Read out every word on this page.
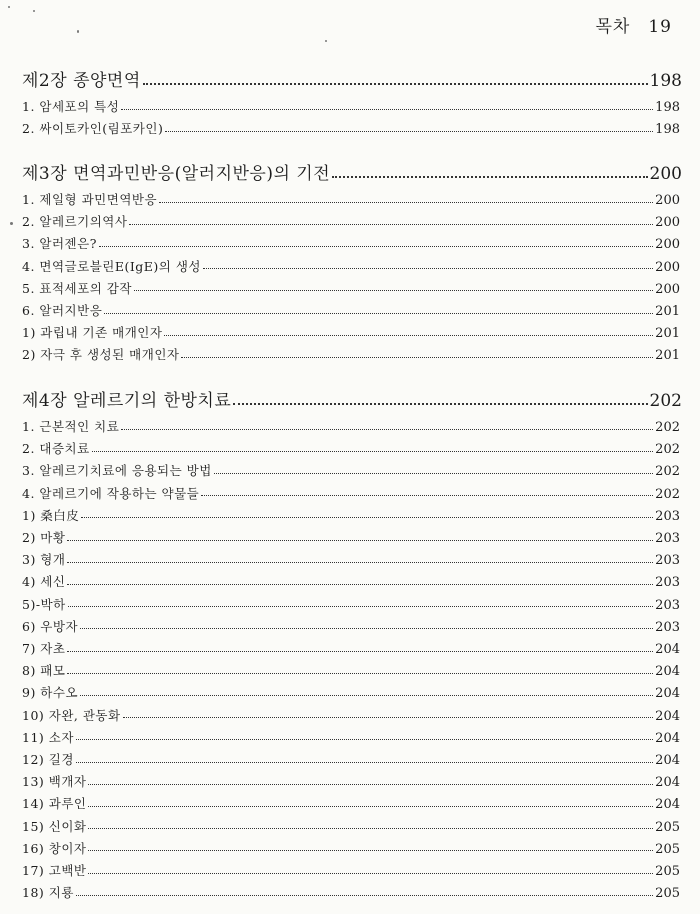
목차 19
제2장 종양면역	198
1. 암세포의 특성	198
2. 싸이토카인(림포카인)	198
제3장 면역과민반응(알러지반응)의 기전	200
1. 제일형 과민면역반응	200
2. 알레르기의역사	200
3. 알러젠은?	200
4. 면역글로블린E(IgE)의 생성	200
5. 표적세포의 감작	200
6. 알러지반응	201
1) 과립내 기존 매개인자	201
2) 자극 후 생성된 매개인자	201
제4장 알레르기의 한방치료	202
1. 근본적인 치료	202
2. 대증치료	202
3. 알레르기치료에 응용되는 방법	202
4. 알레르기에 작용하는 약물들	202
1) 桑白皮	203
2) 마황	203
3) 형개	203
4) 세신	203
5)-박하	203
6) 우방자	203
7) 자초	204
8) 패모	204
9) 하수오	204
10) 자완, 관동화	204
11) 소자	204
12) 길경	204
13) 백개자	204
14) 과루인	204
15) 신이화	205
16) 창이자	205
17) 고백반	205
18) 지룡	205
